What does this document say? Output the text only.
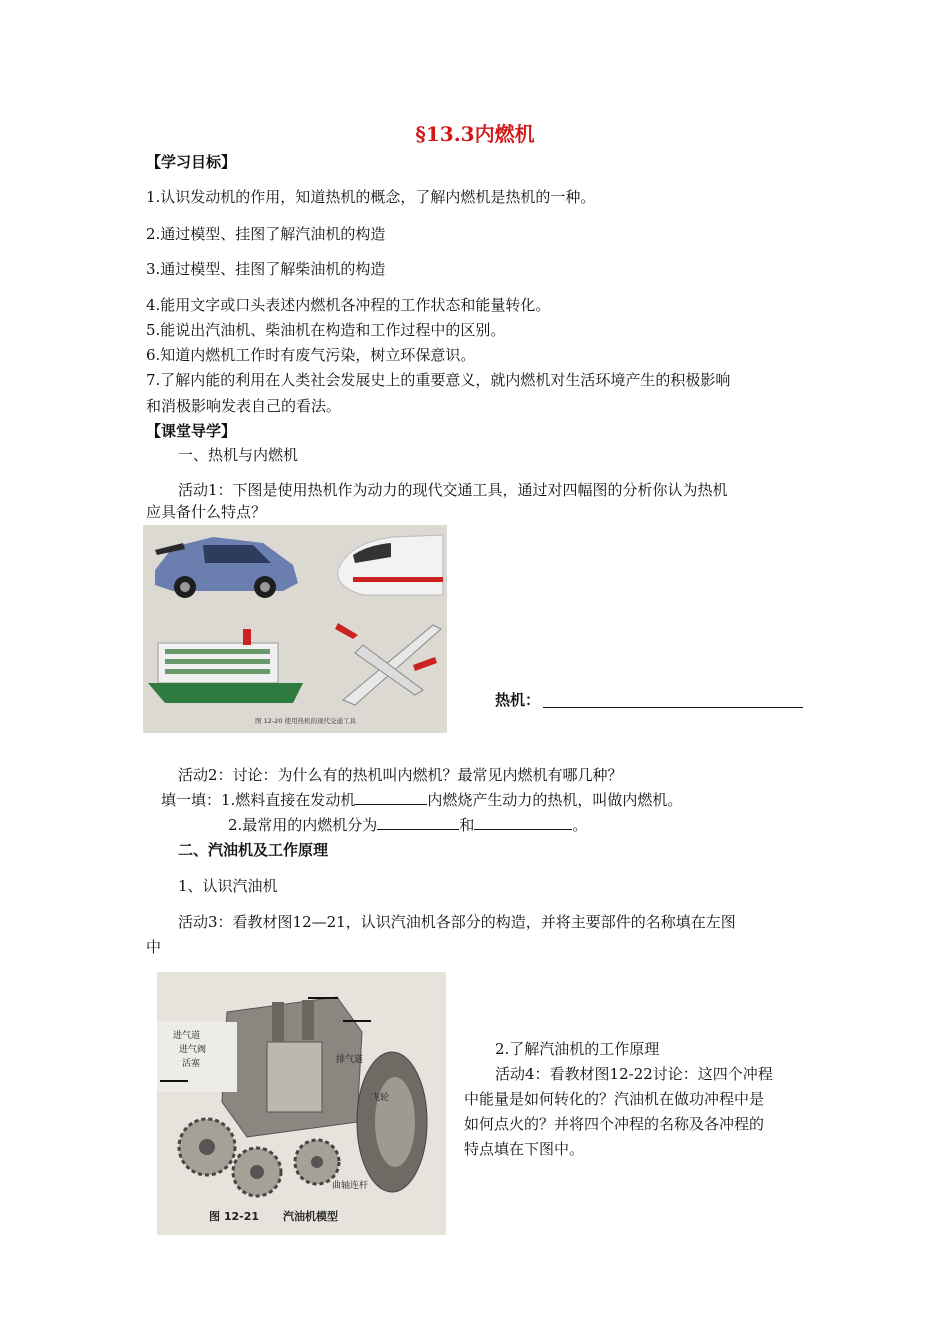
§13.3内燃机
【学习目标】
1.认识发动机的作用，知道热机的概念，了解内燃机是热机的一种。
2.通过模型、挂图了解汽油机的构造
3.通过模型、挂图了解柴油机的构造
4.能用文字或口头表述内燃机各冲程的工作状态和能量转化。
5.能说出汽油机、柴油机在构造和工作过程中的区别。
6.知道内燃机工作时有废气污染，树立环保意识。
7.了解内能的利用在人类社会发展史上的重要意义，就内燃机对生活环境产生的积极影响
和消极影响发表自己的看法。
【课堂导学】
一、热机与内燃机
活动1：下图是使用热机作为动力的现代交通工具，通过对四幅图的分析你认为热机
应具备什么特点？
图 12-20 使用热机的现代交通工具
热机：
活动2：讨论：为什么有的热机叫内燃机？最常见内燃机有哪几种？
填一填：1.燃料直接在发动机	内燃烧产生动力的热机，叫做内燃机。
2.最常用的内燃机分为	和	。
二、汽油机及工作原理
1、认识汽油机
活动3：看教材图12—21，认识汽油机各部分的构造，并将主要部件的名称填在左图
中
进气道
进气阀
活塞	排气道
飞轮
曲轴连杆
图 12-21 汽油机模型
2.了解汽油机的工作原理
活动4：看教材图12-22讨论：这四个冲程
中能量是如何转化的？汽油机在做功冲程中是
如何点火的？并将四个冲程的名称及各冲程的
特点填在下图中。
